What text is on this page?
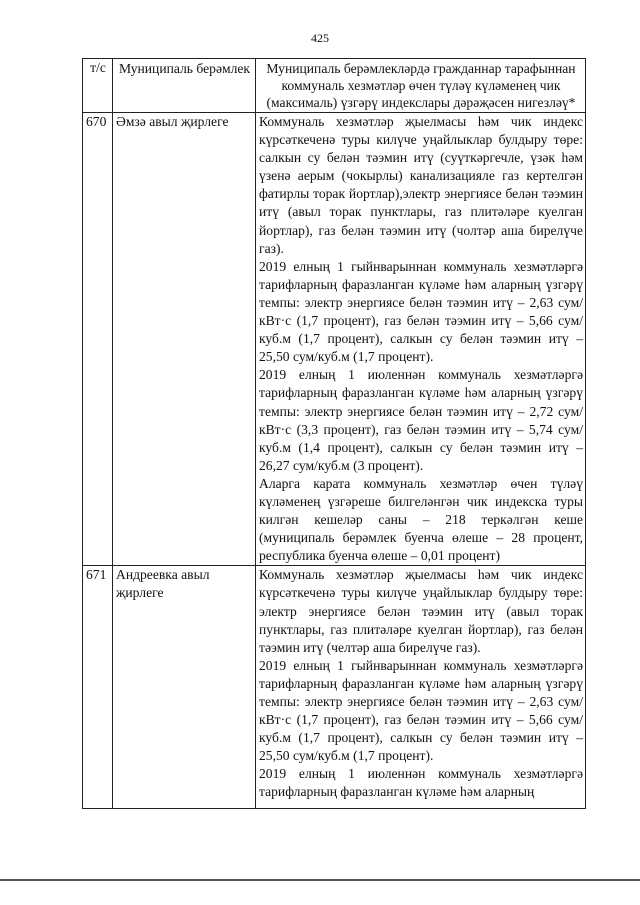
425
т/с	Муниципаль берәмлек	Муниципаль берәмлекләрдә гражданнар тарафыннан коммуналь хезмәтләр өчен түләү күләменең чик (максималь) үзгәрү индекслары дәрәҗәсен нигезләү*
670	Әмзә авыл җирлеге	Коммуналь хезмәтләр җыелмасы һәм чик индекс күрсәткеченә туры килүче уңайлыклар булдыру төре: салкын су белән тәэмин итү (суүткәргечле, үзәк һәм үзенә аерым (чокырлы) канализацияле газ кертелгән фатирлы торак йортлар),электр энергиясе белән тәэмин итү (авыл торак пунктлары, газ плитәләре куелган йортлар), газ белән тәэмин итү (чолтәр аша бирелүче газ).

2019 елның 1 гыйнварыннан коммуналь хезмәтләргә тарифларның фаразланган күләме һәм аларның үзгәрү темпы: электр энергиясе белән тәэмин итү – 2,63 сум/кВт·с (1,7 процент), газ белән тәэмин итү – 5,66 сум/куб.м (1,7 процент), салкын су белән тәэмин итү – 25,50 сум/куб.м (1,7 процент).

2019 елның 1 июленнән коммуналь хезмәтләргә тарифларның фаразланган күләме һәм аларның үзгәрү темпы: электр энергиясе белән тәэмин итү – 2,72 сум/кВт·с (3,3 процент), газ белән тәэмин итү – 5,74 сум/куб.м (1,4 процент), салкын су белән тәэмин итү – 26,27 сум/куб.м (3 процент).

Аларга карата коммуналь хезмәтләр өчен түләү күләменең үзгәреше билгеләнгән чик индекска туры килгән кешеләр саны – 218 теркәлгән кеше (муниципаль берәмлек буенча өлеше – 28 процент, республика буенча өлеше – 0,01 процент)

671	Андреевка авыл җирлеге	Коммуналь хезмәтләр җыелмасы һәм чик индекс күрсәткеченә туры килүче уңайлыклар булдыру төре: электр энергиясе белән тәэмин итү (авыл торак пунктлары, газ плитәләре куелган йортлар), газ белән тәэмин итү (челтәр аша бирелүче газ).

2019 елның 1 гыйнварыннан коммуналь хезмәтләргә тарифларның фаразланган күләме һәм аларның үзгәрү темпы: электр энергиясе белән тәэмин итү – 2,63 сум/кВт·с (1,7 процент), газ белән тәэмин итү – 5,66 сум/куб.м (1,7 процент), салкын су белән тәэмин итү – 25,50 сум/куб.м (1,7 процент).

2019 елның 1 июленнән коммуналь хезмәтләргә тарифларның фаразланган күләме һәм аларның
